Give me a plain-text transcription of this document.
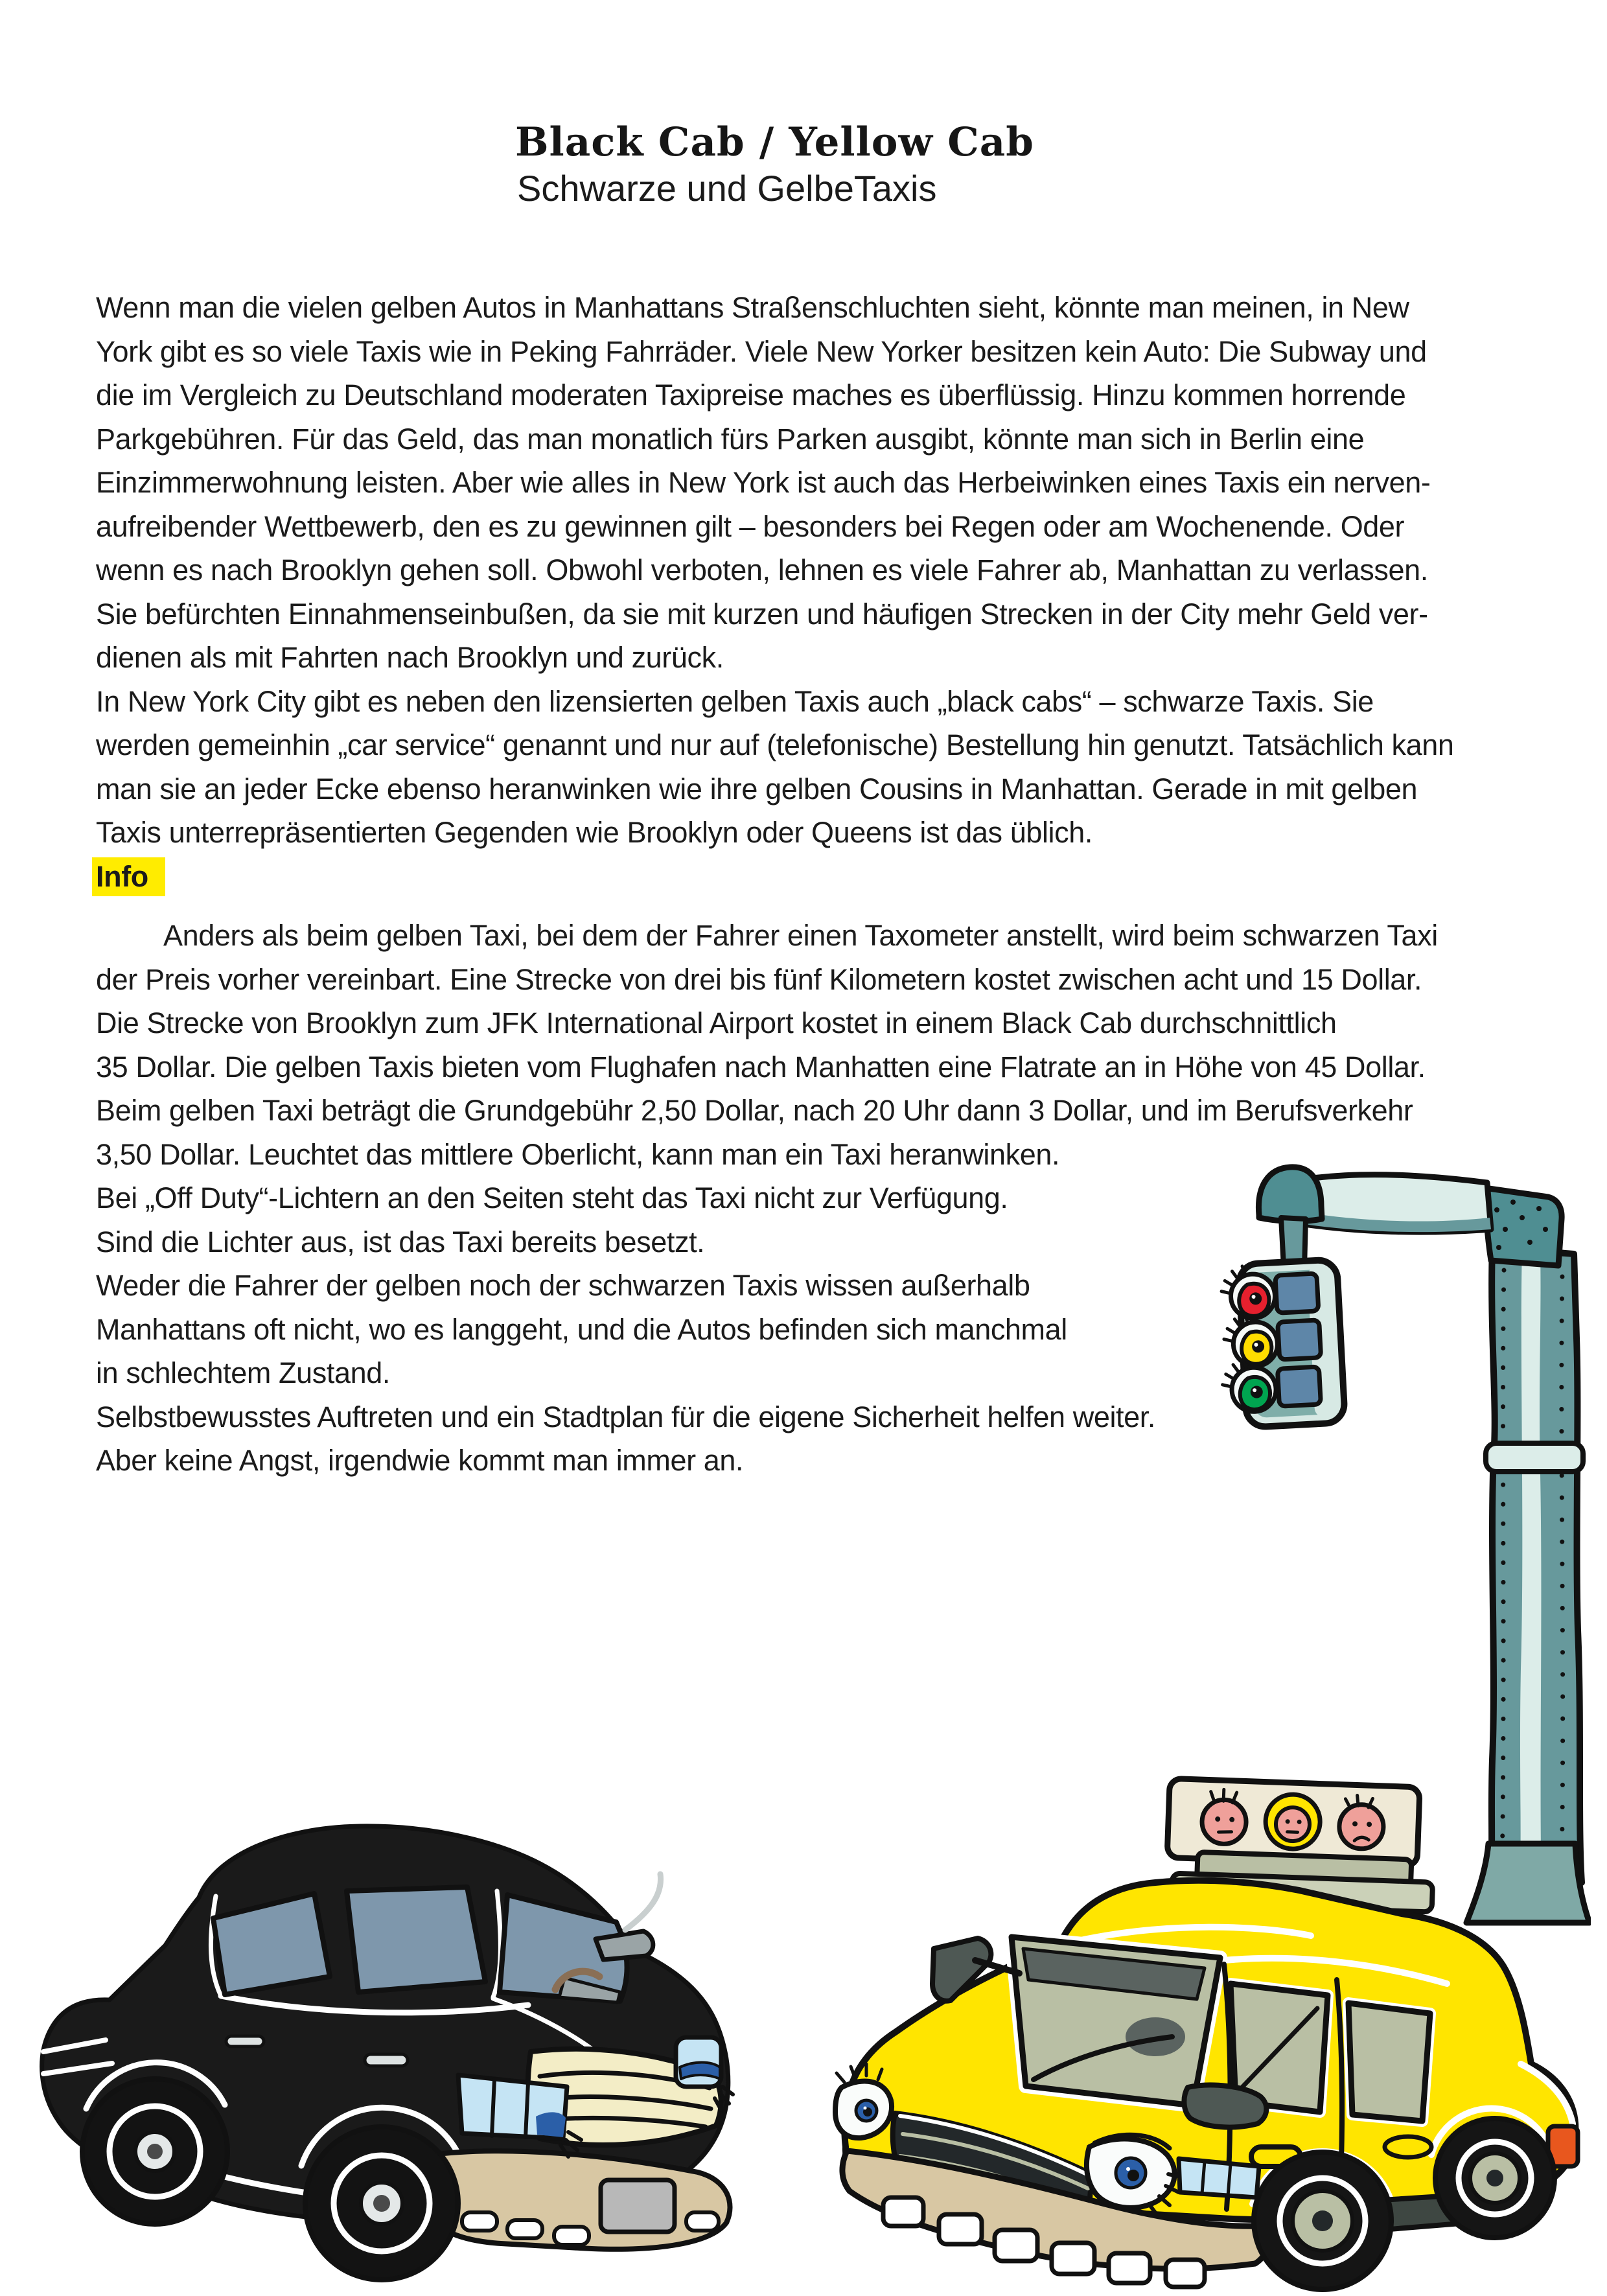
Black Cab / Yellow Cab
Schwarze und GelbeTaxis
Wenn man die vielen gelben Autos in Manhattans Straßenschluchten sieht, könnte man meinen, in New
York gibt es so viele Taxis wie in Peking Fahrräder. Viele New Yorker besitzen kein Auto: Die Subway und
die im Vergleich zu Deutschland moderaten Taxipreise maches es überflüssig. Hinzu kommen horrende
Parkgebühren. Für das Geld, das man monatlich fürs Parken ausgibt, könnte man sich in Berlin eine
Einzimmerwohnung leisten. Aber wie alles in New York ist auch das Herbeiwinken eines Taxis ein nerven-
aufreibender Wettbewerb, den es zu gewinnen gilt – besonders bei Regen oder am Wochenende. Oder
wenn es nach Brooklyn gehen soll. Obwohl verboten, lehnen es viele Fahrer ab, Manhattan zu verlassen.
Sie befürchten Einnahmenseinbußen, da sie mit kurzen und häufigen Strecken in der City mehr Geld ver-
dienen als mit Fahrten nach Brooklyn und zurück.
In New York City gibt es neben den lizensierten gelben Taxis auch „black cabs“ – schwarze Taxis. Sie
werden gemeinhin „car service“ genannt und nur auf (telefonische) Bestellung hin genutzt. Tatsächlich kann
man sie an jeder Ecke ebenso heranwinken wie ihre gelben Cousins in Manhattan. Gerade in mit gelben
Taxis unterrepräsentierten Gegenden wie Brooklyn oder Queens ist das üblich.
Info
Anders als beim gelben Taxi, bei dem der Fahrer einen Taxometer anstellt, wird beim schwarzen Taxi
der Preis vorher vereinbart. Eine Strecke von drei bis fünf Kilometern kostet zwischen acht und 15 Dollar.
Die Strecke von Brooklyn zum JFK International Airport kostet in einem Black Cab durchschnittlich
35 Dollar. Die gelben Taxis bieten vom Flughafen nach Manhatten eine Flatrate an in Höhe von 45 Dollar.
Beim gelben Taxi beträgt die Grundgebühr 2,50 Dollar, nach 20 Uhr dann 3 Dollar, und im Berufsverkehr
3,50 Dollar. Leuchtet das mittlere Oberlicht, kann man ein Taxi heranwinken.
Bei „Off Duty“-Lichtern an den Seiten steht das Taxi nicht zur Verfügung.
Sind die Lichter aus, ist das Taxi bereits besetzt.
Weder die Fahrer der gelben noch der schwarzen Taxis wissen außerhalb
Manhattans oft nicht, wo es langgeht, und die Autos befinden sich manchmal
in schlechtem Zustand.
Selbstbewusstes Auftreten und ein Stadtplan für die eigene Sicherheit helfen weiter.
Aber keine Angst, irgendwie kommt man immer an.
